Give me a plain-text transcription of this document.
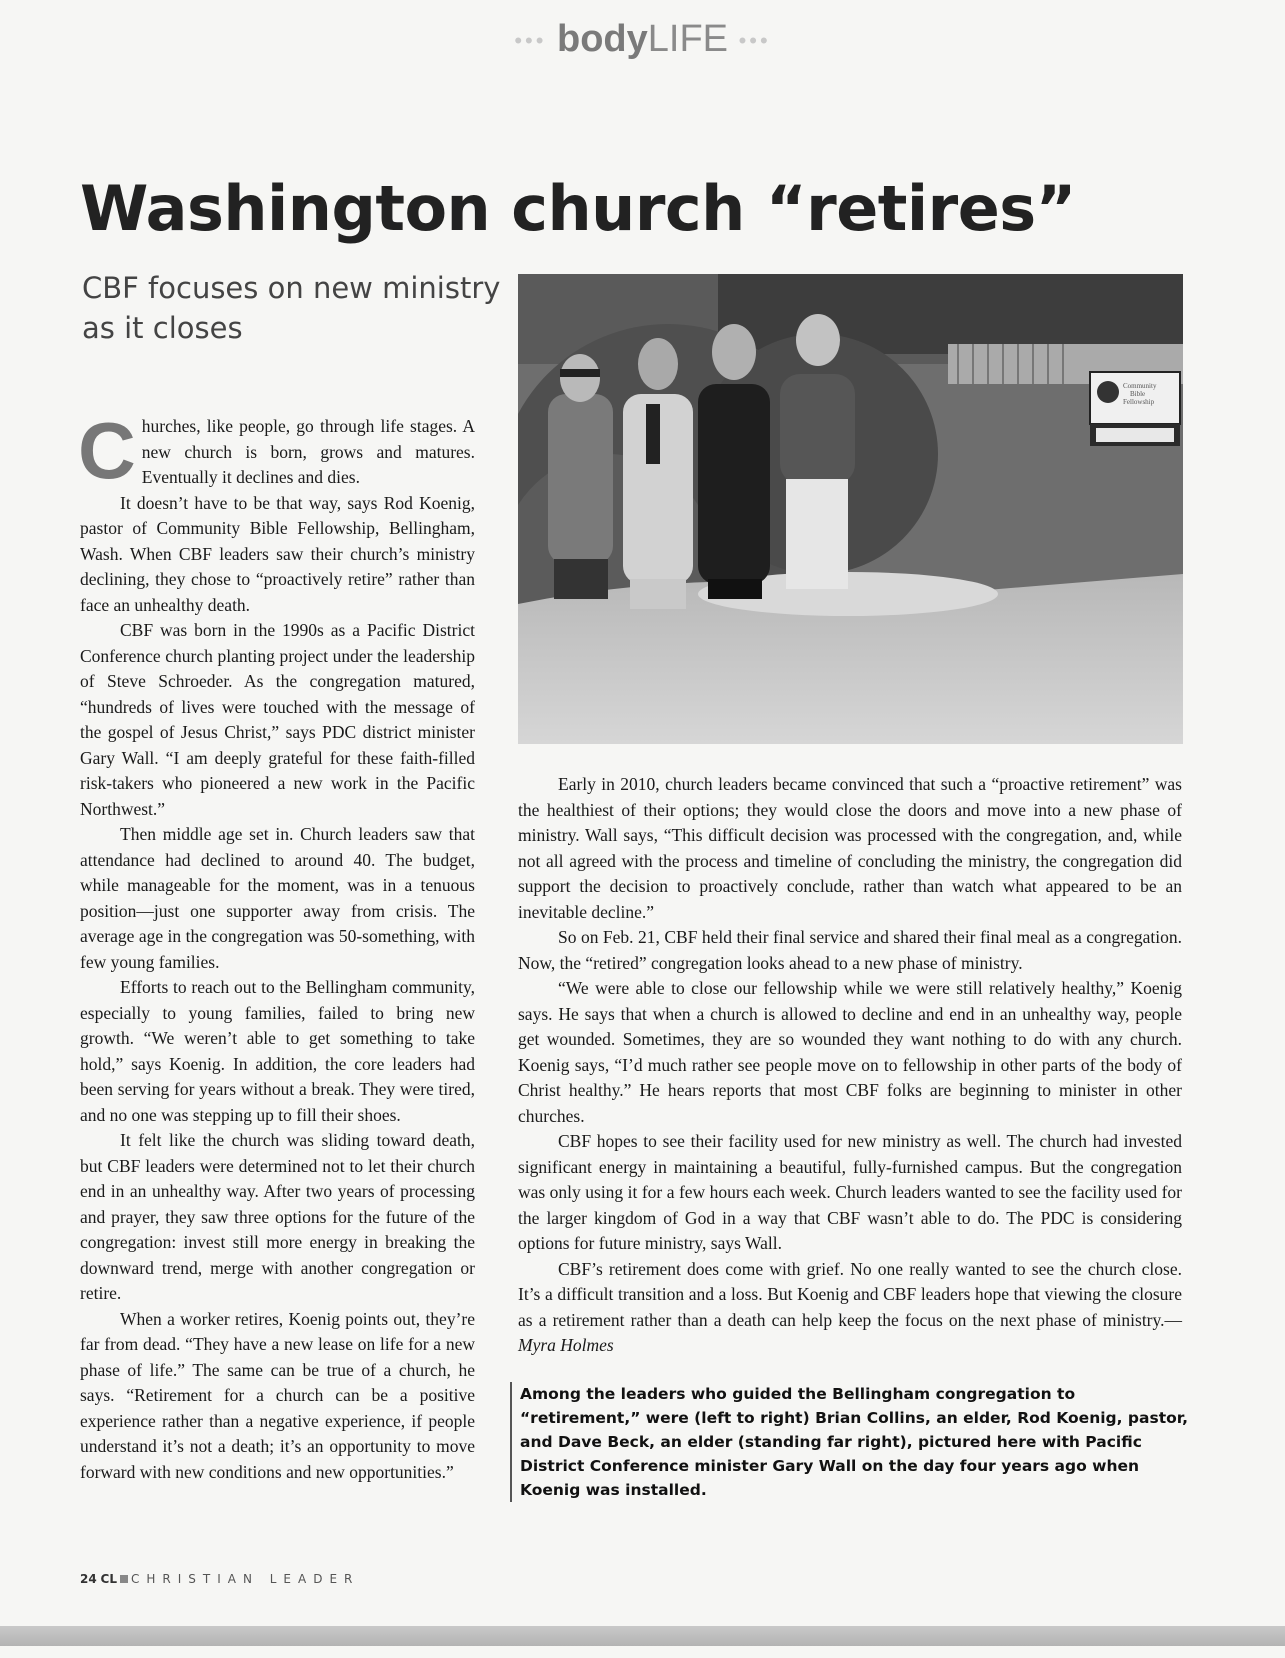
••• bodyLIFE •••
Washington church “retires”
CBF focuses on new ministry as it closes

Churches, like people, go through life stages. A new church is born, grows and matures. Eventually it declines and dies.

It doesn’t have to be that way, says Rod Koenig, pastor of Community Bible Fellowship, Bellingham, Wash. When CBF leaders saw their church’s ministry declining, they chose to “proactively retire” rather than face an unhealthy death.

CBF was born in the 1990s as a Pacific District Conference church planting project under the leadership of Steve Schroeder. As the congregation matured, “hundreds of lives were touched with the message of the gospel of Jesus Christ,” says PDC district minister Gary Wall. “I am deeply grateful for these faith-filled risk-takers who pioneered a new work in the Pacific Northwest.”

Then middle age set in. Church leaders saw that attendance had declined to around 40. The budget, while manageable for the moment, was in a tenuous position—just one supporter away from crisis. The average age in the congregation was 50-something, with few young families.

Efforts to reach out to the Bellingham community, especially to young families, failed to bring new growth. “We weren’t able to get something to take hold,” says Koenig. In addition, the core leaders had been serving for years without a break. They were tired, and no one was stepping up to fill their shoes.

It felt like the church was sliding toward death, but CBF leaders were determined not to let their church end in an unhealthy way. After two years of processing and prayer, they saw three options for the future of the congregation: invest still more energy in breaking the downward trend, merge with another congregation or retire.

When a worker retires, Koenig points out, they’re far from dead. “They have a new lease on life for a new phase of life.” The same can be true of a church, he says. “Retirement for a church can be a positive experience rather than a negative experience, if people understand it’s not a death; it’s an opportunity to move forward with new conditions and new opportunities.”

Community
Bible
Fellowship

Early in 2010, church leaders became convinced that such a “proactive retirement” was the healthiest of their options; they would close the doors and move into a new phase of ministry. Wall says, “This difficult decision was processed with the congregation, and, while not all agreed with the process and timeline of concluding the ministry, the congregation did support the decision to proactively conclude, rather than watch what appeared to be an inevitable decline.”

So on Feb. 21, CBF held their final service and shared their final meal as a congregation. Now, the “retired” congregation looks ahead to a new phase of ministry.

“We were able to close our fellowship while we were still relatively healthy,” Koenig says. He says that when a church is allowed to decline and end in an unhealthy way, people get wounded. Sometimes, they are so wounded they want nothing to do with any church. Koenig says, “I’d much rather see people move on to fellowship in other parts of the body of Christ healthy.” He hears reports that most CBF folks are beginning to minister in other churches.

CBF hopes to see their facility used for new ministry as well. The church had invested significant energy in maintaining a beautiful, fully-furnished campus. But the congregation was only using it for a few hours each week. Church leaders wanted to see the facility used for the larger kingdom of God in a way that CBF wasn’t able to do. The PDC is considering options for future ministry, says Wall.

CBF’s retirement does come with grief. No one really wanted to see the church close. It’s a difficult transition and a loss. But Koenig and CBF leaders hope that viewing the closure as a retirement rather than a death can help keep the focus on the next phase of ministry.—Myra Holmes

Among the leaders who guided the Bellingham congregation to “retirement,” were (left to right) Brian Collins, an elder, Rod Koenig, pastor, and Dave Beck, an elder (standing far right), pictured here with Pacific District Conference minister Gary Wall on the day four years ago when Koenig was installed.

24 CL CHRISTIAN LEADER
